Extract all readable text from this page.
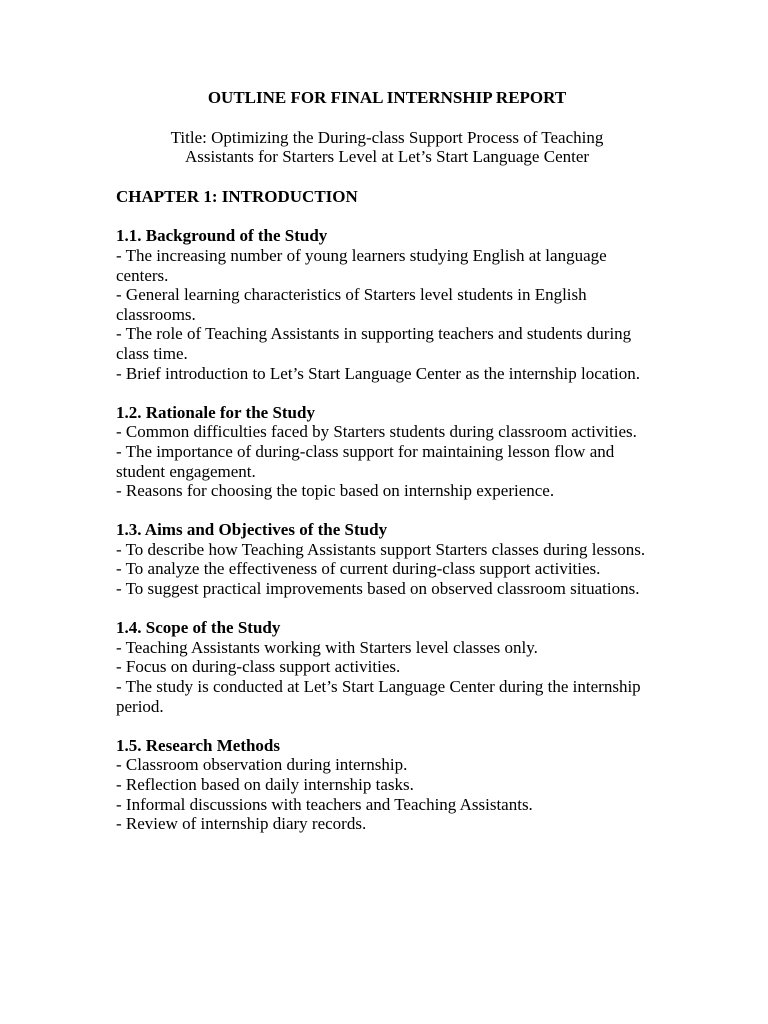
OUTLINE FOR FINAL INTERNSHIP REPORT
Title: Optimizing the During-class Support Process of Teaching
Assistants for Starters Level at Let’s Start Language Center
CHAPTER 1: INTRODUCTION
1.1. Background of the Study
- The increasing number of young learners studying English at language centers.
- General learning characteristics of Starters level students in English classrooms.
- The role of Teaching Assistants in supporting teachers and students during class time.
- Brief introduction to Let’s Start Language Center as the internship location.
1.2. Rationale for the Study
- Common difficulties faced by Starters students during classroom activities.
- The importance of during-class support for maintaining lesson flow and student engagement.
- Reasons for choosing the topic based on internship experience.
1.3. Aims and Objectives of the Study
- To describe how Teaching Assistants support Starters classes during lessons.
- To analyze the effectiveness of current during-class support activities.
- To suggest practical improvements based on observed classroom situations.
1.4. Scope of the Study
- Teaching Assistants working with Starters level classes only.
- Focus on during-class support activities.
- The study is conducted at Let’s Start Language Center during the internship period.
1.5. Research Methods
- Classroom observation during internship.
- Reflection based on daily internship tasks.
- Informal discussions with teachers and Teaching Assistants.
- Review of internship diary records.
